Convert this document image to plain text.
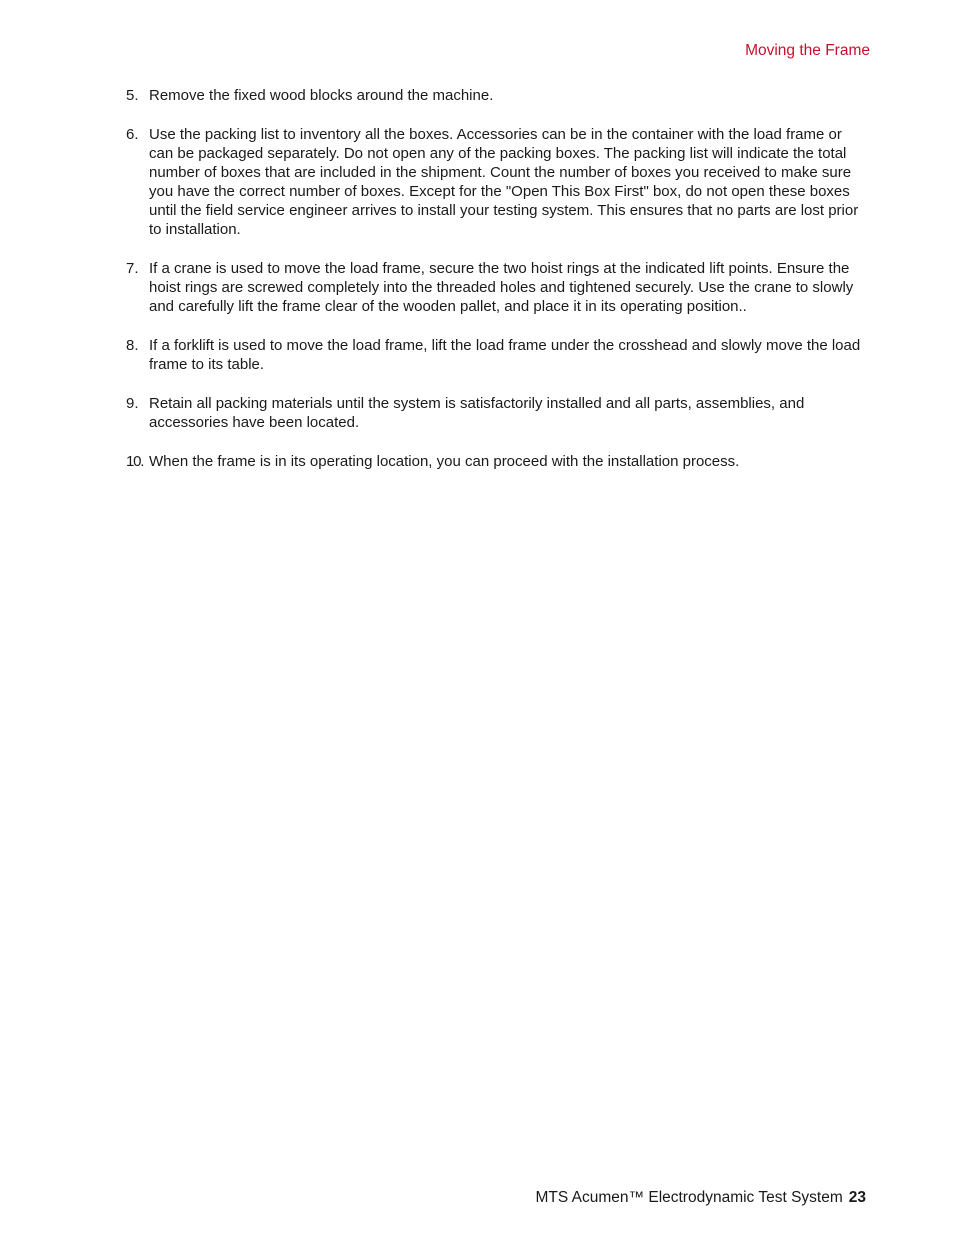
Moving the Frame
5. Remove the fixed wood blocks around the machine.
6. Use the packing list to inventory all the boxes. Accessories can be in the container with the load frame or can be packaged separately. Do not open any of the packing boxes. The packing list will indicate the total number of boxes that are included in the shipment. Count the number of boxes you received to make sure you have the correct number of boxes. Except for the "Open This Box First" box, do not open these boxes until the field service engineer arrives to install your testing system. This ensures that no parts are lost prior to installation.
7. If a crane is used to move the load frame, secure the two hoist rings at the indicated lift points. Ensure the hoist rings are screwed completely into the threaded holes and tightened securely. Use the crane to slowly and carefully lift the frame clear of the wooden pallet, and place it in its operating position..
8. If a forklift is used to move the load frame, lift the load frame under the crosshead and slowly move the load frame to its table.
9. Retain all packing materials until the system is satisfactorily installed and all parts, assemblies, and accessories have been located.
10. When the frame is in its operating location, you can proceed with the installation process.
MTS Acumen™ Electrodynamic Test System 23
